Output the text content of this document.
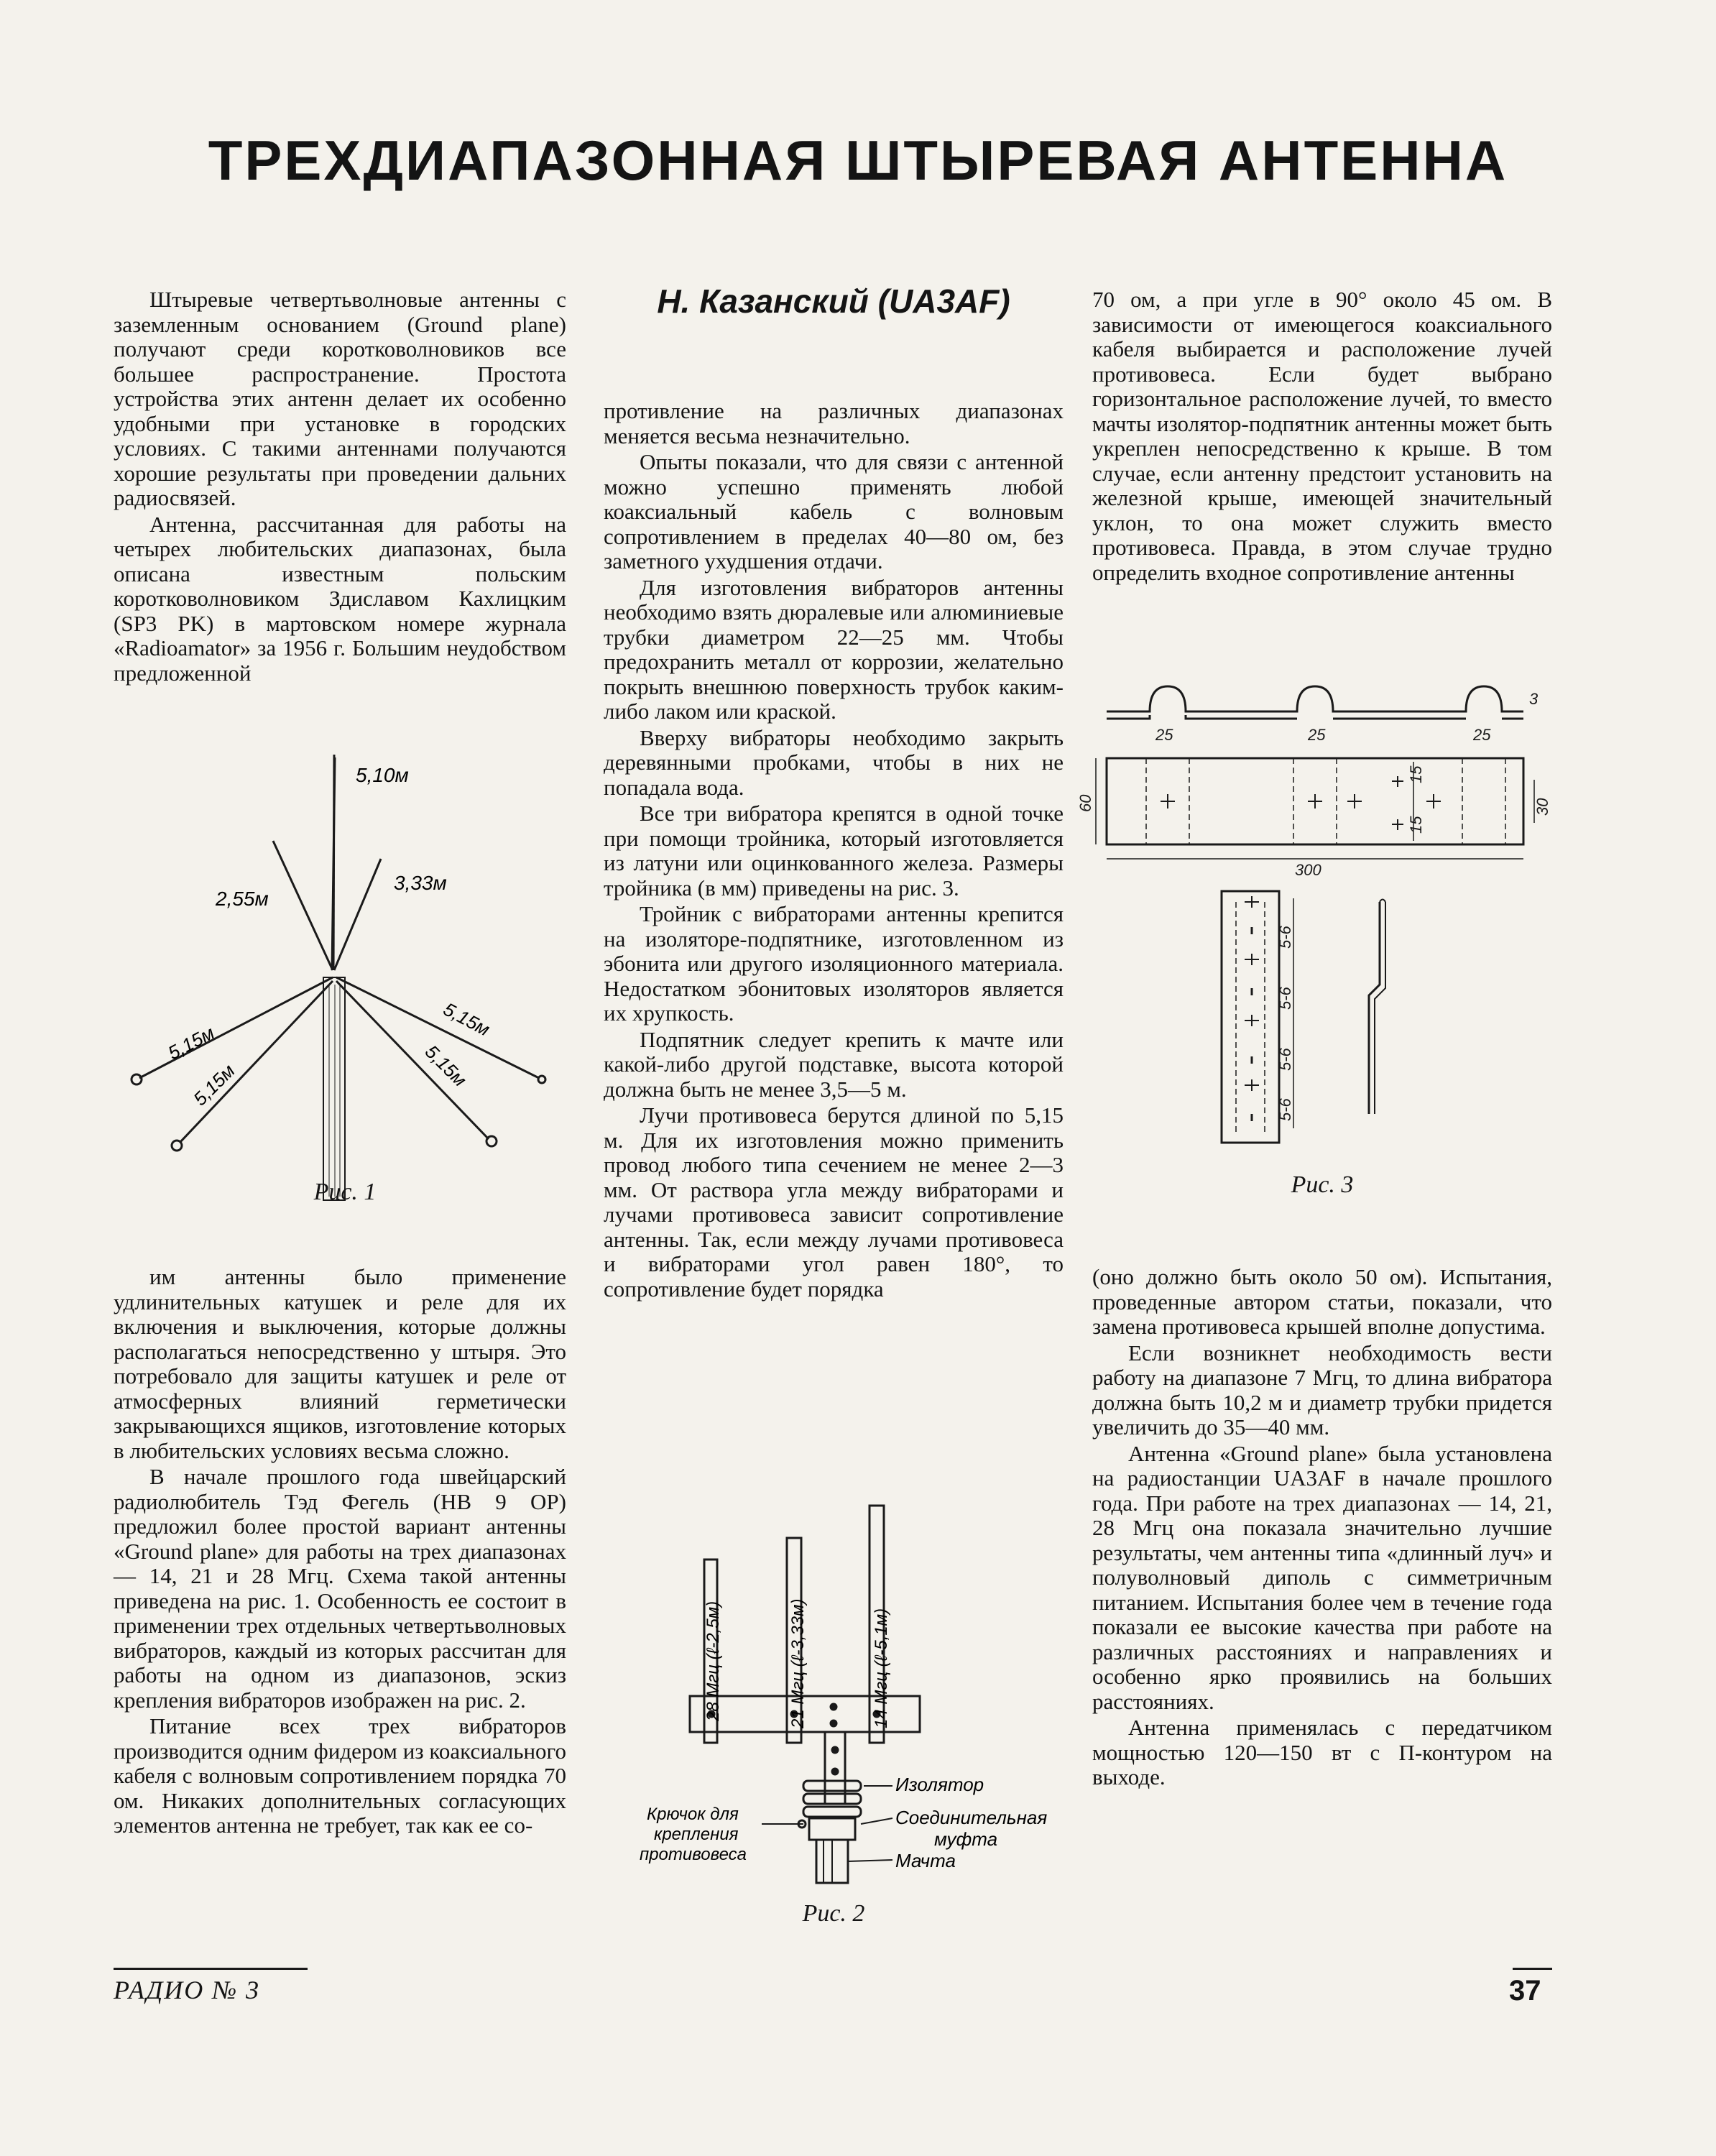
ТРЕХДИАПАЗОННАЯ ШТЫРЕВАЯ АНТЕННА
Н. Казанский (UA3AF)

Штыревые четвертьволновые антенны с заземленным основанием (Ground plane) получают среди коротковолновиков все большее распространение. Простота устройства этих антенн делает их особенно удобными при установке в городских условиях. С такими антеннами получаются хорошие результаты при проведении дальних радиосвязей.

Антенна, рассчитанная для работы на четырех любительских диапазонах, была описана известным польским коротковолновиком Здиславом Кахлицким (SP3 PK) в мартовском номере журнала «Radioamator» за 1956 г. Большим неудобством предложенной

5,10м
2,55м
3,33м
5,15м
5,15м
5,15м
5,15м
Рис. 1

им антенны было применение удлинительных катушек и реле для их включения и выключения, которые должны располагаться непосредственно у штыря. Это потребовало для защиты катушек и реле от атмосферных влияний герметически закрывающихся ящиков, изготовление которых в любительских условиях весьма сложно.

В начале прошлого года швейцарский радиолюбитель Тэд Фегель (HB 9 OP) предложил более простой вариант антенны «Ground plane» для работы на трех диапазонах — 14, 21 и 28 Мгц. Схема такой антенны приведена на рис. 1. Особенность ее состоит в применении трех отдельных четвертьволновых вибраторов, каждый из которых рассчитан для работы на одном из диапазонов, эскиз крепления вибраторов изображен на рис. 2.

Питание всех трех вибраторов производится одним фидером из коаксиального кабеля с волновым сопротивлением порядка 70 ом. Никаких дополнительных согласующих элементов антенна не требует, так как ее со-

противление на различных диапазонах меняется весьма незначительно.

Опыты показали, что для связи с антенной можно успешно применять любой коаксиальный кабель с волновым сопротивлением в пределах 40—80 ом, без заметного ухудшения отдачи.

Для изготовления вибраторов антенны необходимо взять дюралевые или алюминиевые трубки диаметром 22—25 мм. Чтобы предохранить металл от коррозии, желательно покрыть внешнюю поверхность трубок каким-либо лаком или краской.

Вверху вибраторы необходимо закрыть деревянными пробками, чтобы в них не попадала вода.

Все три вибратора крепятся в одной точке при помощи тройника, который изготовляется из латуни или оцинкованного железа. Размеры тройника (в мм) приведены на рис. 3.

Тройник с вибраторами антенны крепится на изоляторе-подпятнике, изготовленном из эбонита или другого изоляционного материала. Недостатком эбонитовых изоляторов является их хрупкость.

Подпятник следует крепить к мачте или какой-либо другой подставке, высота которой должна быть не менее 3,5—5 м.

Лучи противовеса берутся длиной по 5,15 м. Для их изготовления можно применить провод любого типа сечением не менее 2—3 мм. От раствора угла между вибраторами и лучами противовеса зависит сопротивление антенны. Так, если между лучами противовеса и вибраторами угол равен 180°, то сопротивление будет порядка

28 Мгц (ℓ-2,5м)	21 Мгц (ℓ-3,33м)	14 Мгц (ℓ-5,1м)
Изолятор
Соединительная
муфта
Мачта
Крючок для
крепления
противовеса
Рис. 2

70 ом, а при угле в 90° около 45 ом. В зависимости от имеющегося коаксиального кабеля выбирается и расположение лучей противовеса. Если будет выбрано горизонтальное расположение лучей, то вместо мачты изолятор-подпятник антенны может быть укреплен непосредственно к крыше. В том случае, если антенну предстоит установить на железной крыше, имеющей значительный уклон, то она может служить вместо противовеса. Правда, в этом случае трудно определить входное сопротивление антенны

25	25	25
3
60
15
15
30
300
5-6
5-6
5-6
5-6
Рис. 3

(оно должно быть около 50 ом). Испытания, проведенные автором статьи, показали, что замена противовеса крышей вполне допустима.

Если возникнет необходимость вести работу на диапазоне 7 Мгц, то длина вибратора должна быть 10,2 м и диаметр трубки придется увеличить до 35—40 мм.

Антенна «Ground plane» была установлена на радиостанции UA3AF в начале прошлого года. При работе на трех диапазонах — 14, 21, 28 Мгц она показала значительно лучшие результаты, чем антенны типа «длинный луч» и полуволновый диполь с симметричным питанием. Испытания более чем в течение года показали ее высокие качества при работе на различных расстояниях и направлениях и особенно ярко проявились на больших расстояниях.

Антенна применялась с передатчиком мощностью 120—150 вт с П-контуром на выходе.

РАДИО № 3	37
